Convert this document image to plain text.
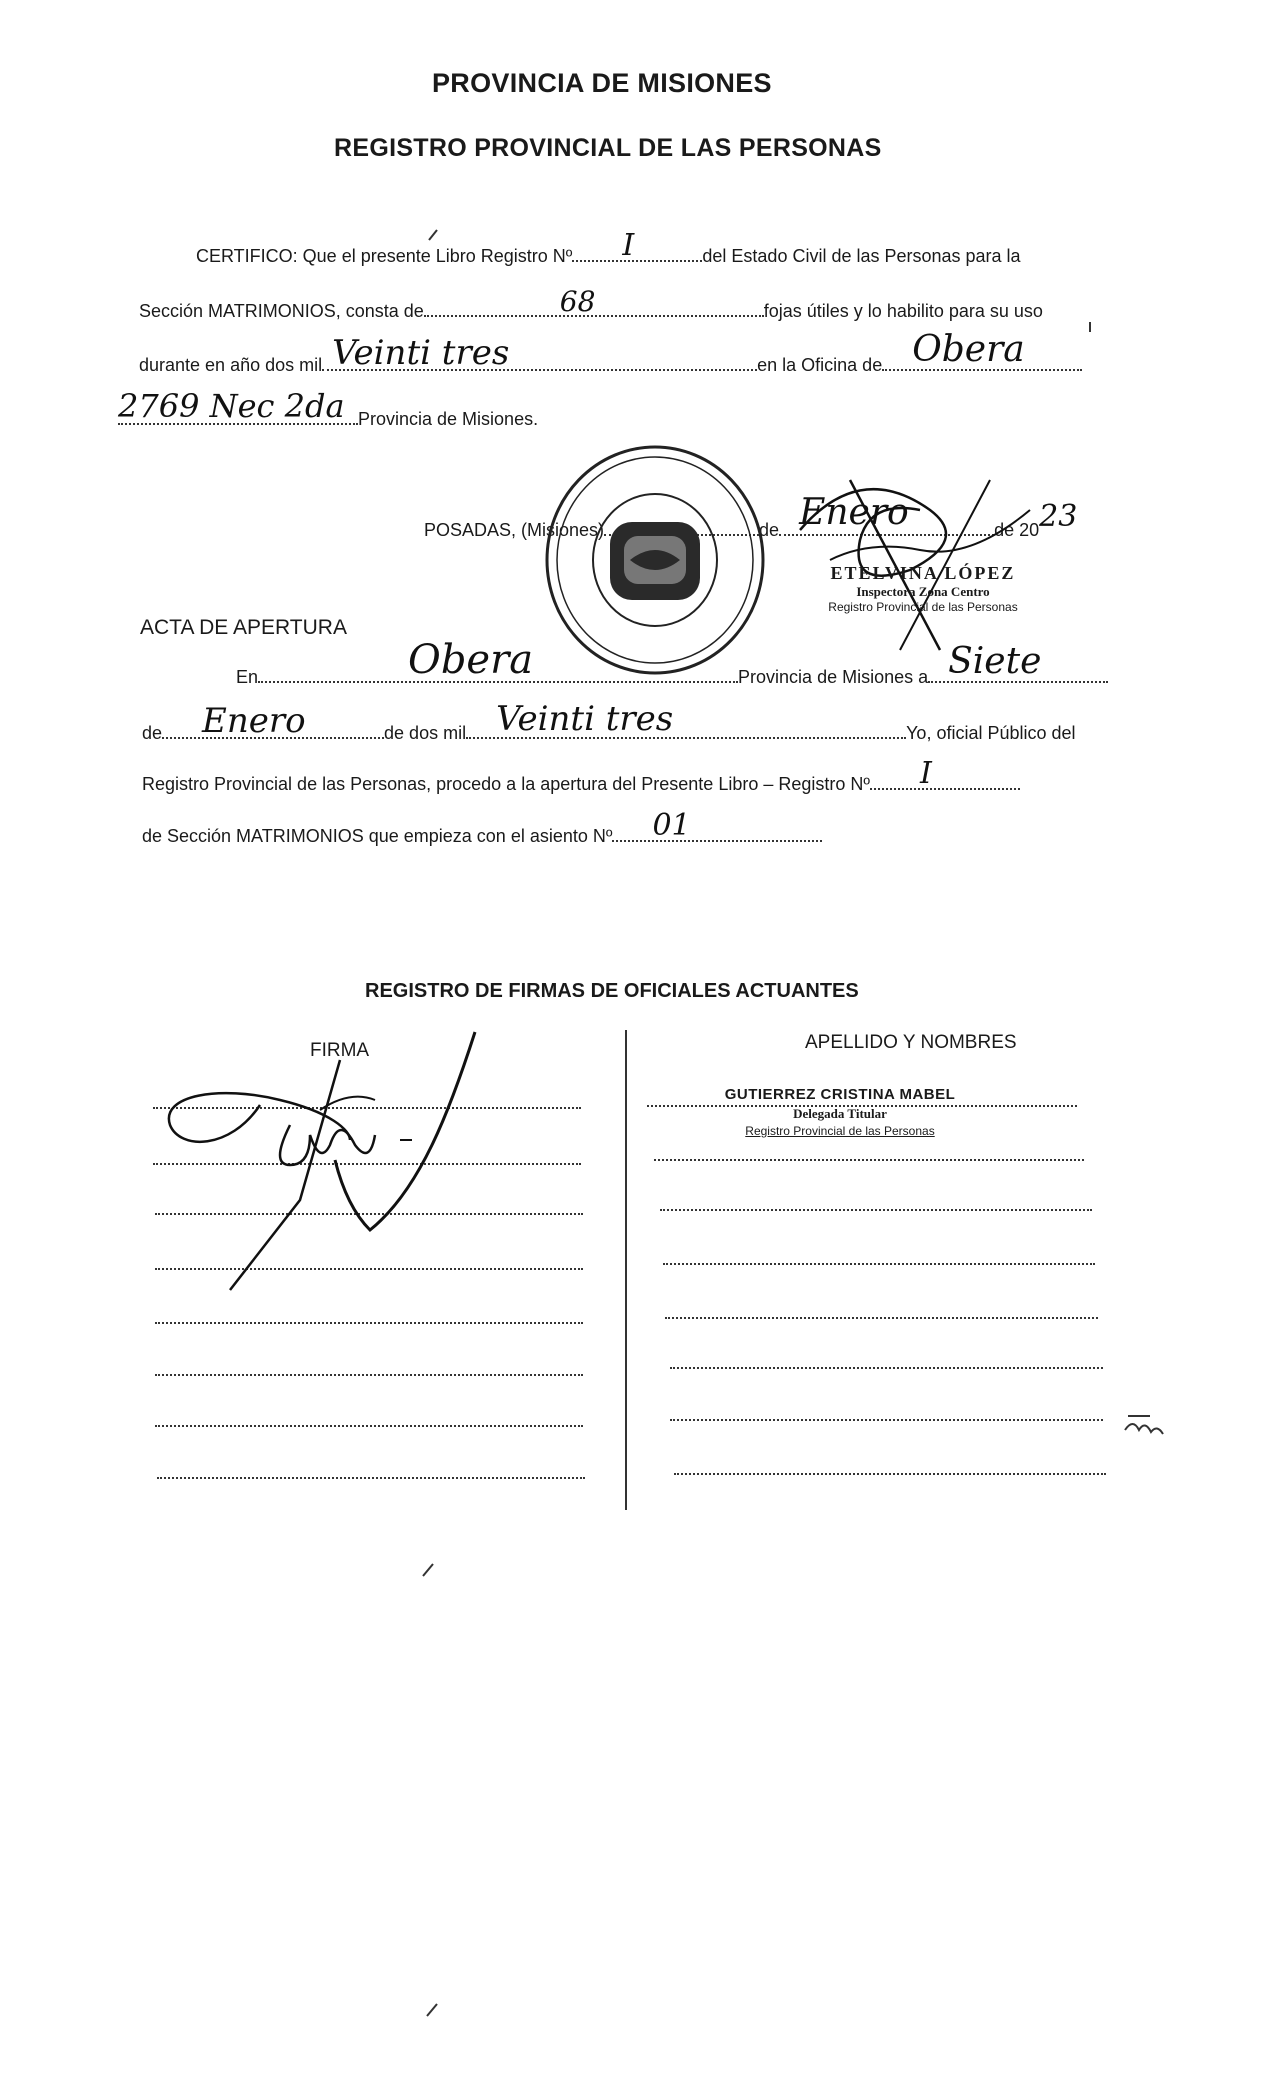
PROVINCIA DE MISIONES
REGISTRO PROVINCIAL DE LAS PERSONAS
CERTIFICO: Que el presente Libro Registro Nº I	del Estado Civil de las Personas para la
Sección MATRIMONIOS, consta de	68	fojas útiles y lo habilito para su uso
durante en año dos mil Veinti tres	en la Oficina de Obera
2769 Nec 2da Provincia de Misiones.
POSADAS, (Misiones)	de Enero	de 2023
ETELVINA LÓPEZ
Inspectora Zona Centro
Registro Provincial de las Personas
ACTA DE APERTURA
En	Obera	Provincia de Misiones a Siete
de Enero	de dos mil Veinti tres	Yo, oficial Público del
Registro Provincial de las Personas, procedo a la apertura del Presente Libro – Registro Nº I
de Sección MATRIMONIOS que empieza con el asiento Nº 01
REGISTRO DE FIRMAS DE OFICIALES ACTUANTES
FIRMA	APELLIDO Y NOMBRES
GUTIERREZ CRISTINA MABEL
Delegada Titular
Registro Provincial de las Personas
